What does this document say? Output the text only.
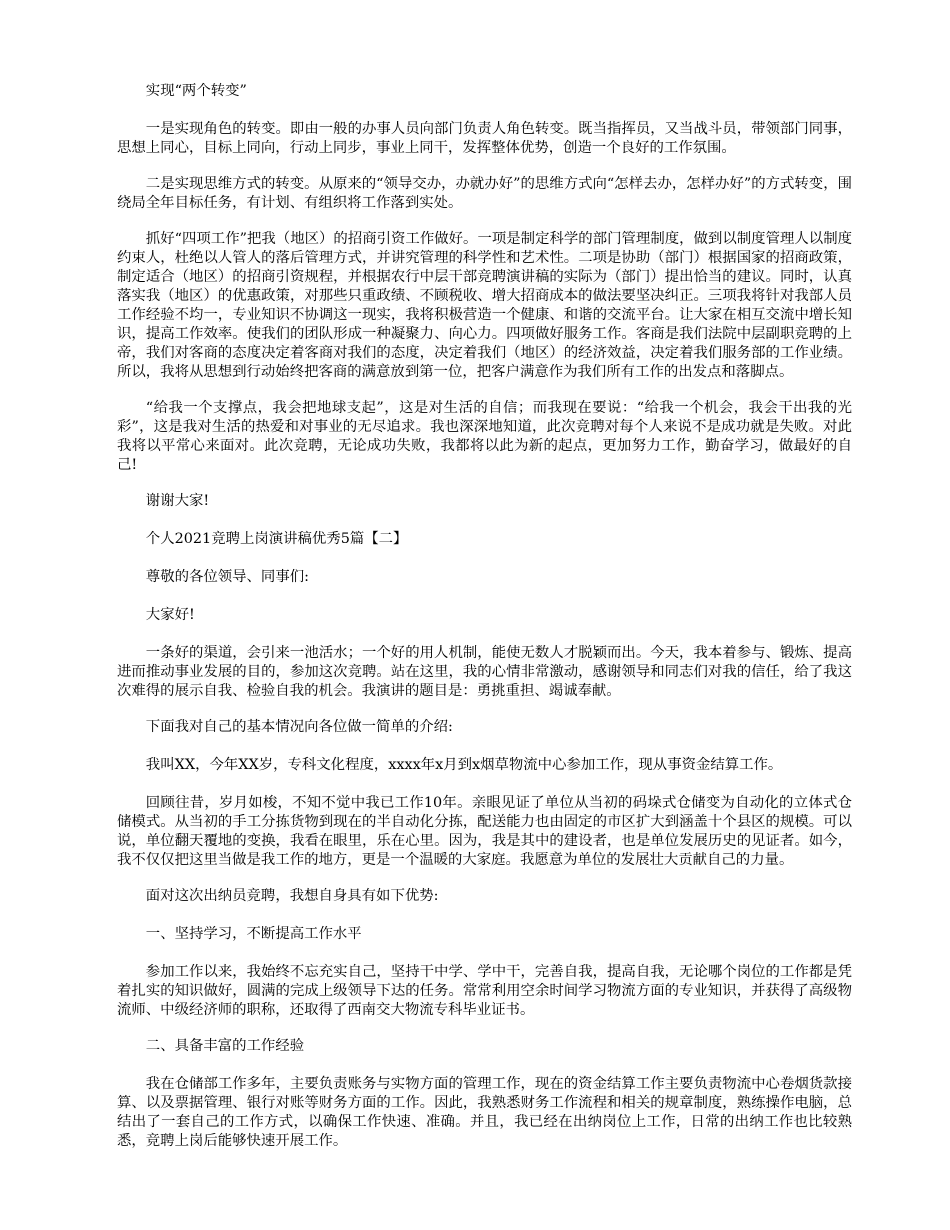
实现“两个转变”

一是实现角色的转变。即由一般的办事人员向部门负责人角色转变。既当指挥员，又当战斗员，带领部门同事，思想上同心，目标上同向，行动上同步，事业上同干，发挥整体优势，创造一个良好的工作氛围。

二是实现思维方式的转变。从原来的“领导交办，办就办好”的思维方式向“怎样去办，怎样办好”的方式转变，围绕局全年目标任务，有计划、有组织将工作落到实处。

抓好“四项工作”把我（地区）的招商引资工作做好。一项是制定科学的部门管理制度，做到以制度管理人以制度约束人，杜绝以人管人的落后管理方式，并讲究管理的科学性和艺术性。二项是协助（部门）根据国家的招商政策，制定适合（地区）的招商引资规程，并根据农行中层干部竞聘演讲稿的实际为（部门）提出恰当的建议。同时，认真落实我（地区）的优惠政策，对那些只重政绩、不顾税收、增大招商成本的做法要坚决纠正。三项我将针对我部人员工作经验不均一，专业知识不协调这一现实，我将积极营造一个健康、和谐的交流平台。让大家在相互交流中增长知识，提高工作效率。使我们的团队形成一种凝聚力、向心力。四项做好服务工作。客商是我们法院中层副职竞聘的上帝，我们对客商的态度决定着客商对我们的态度，决定着我们（地区）的经济效益，决定着我们服务部的工作业绩。所以，我将从思想到行动始终把客商的满意放到第一位，把客户满意作为我们所有工作的出发点和落脚点。

“给我一个支撑点，我会把地球支起”，这是对生活的自信；而我现在要说：“给我一个机会，我会干出我的光彩”，这是我对生活的热爱和对事业的无尽追求。我也深深地知道，此次竞聘对每个人来说不是成功就是失败。对此我将以平常心来面对。此次竞聘，无论成功失败，我都将以此为新的起点，更加努力工作，勤奋学习，做最好的自己!

谢谢大家!

个人2021竞聘上岗演讲稿优秀5篇【二】

尊敬的各位领导、同事们:

大家好!

一条好的渠道，会引来一池活水；一个好的用人机制，能使无数人才脱颖而出。今天，我本着参与、锻炼、提高进而推动事业发展的目的，参加这次竞聘。站在这里，我的心情非常激动，感谢领导和同志们对我的信任，给了我这次难得的展示自我、检验自我的机会。我演讲的题目是：勇挑重担、竭诚奉献。

下面我对自己的基本情况向各位做一简单的介绍:

我叫XX，今年XX岁，专科文化程度，xxxx年x月到x烟草物流中心参加工作，现从事资金结算工作。

回顾往昔，岁月如梭，不知不觉中我已工作10年。亲眼见证了单位从当初的码垛式仓储变为自动化的立体式仓储模式。从当初的手工分拣货物到现在的半自动化分拣，配送能力也由固定的市区扩大到涵盖十个县区的规模。可以说，单位翻天覆地的变换，我看在眼里，乐在心里。因为，我是其中的建设者，也是单位发展历史的见证者。如今，我不仅仅把这里当做是我工作的地方，更是一个温暖的大家庭。我愿意为单位的发展壮大贡献自己的力量。

面对这次出纳员竞聘，我想自身具有如下优势:

一、坚持学习，不断提高工作水平

参加工作以来，我始终不忘充实自己，坚持干中学、学中干，完善自我，提高自我，无论哪个岗位的工作都是凭着扎实的知识做好，圆满的完成上级领导下达的任务。常常利用空余时间学习物流方面的专业知识，并获得了高级物流师、中级经济师的职称，还取得了西南交大物流专科毕业证书。

二、具备丰富的工作经验

我在仓储部工作多年，主要负责账务与实物方面的管理工作，现在的资金结算工作主要负责物流中心卷烟货款接算、以及票据管理、银行对账等财务方面的工作。因此，我熟悉财务工作流程和相关的规章制度，熟练操作电脑，总结出了一套自己的工作方式，以确保工作快速、准确。并且，我已经在出纳岗位上工作，日常的出纳工作也比较熟悉，竞聘上岗后能够快速开展工作。
